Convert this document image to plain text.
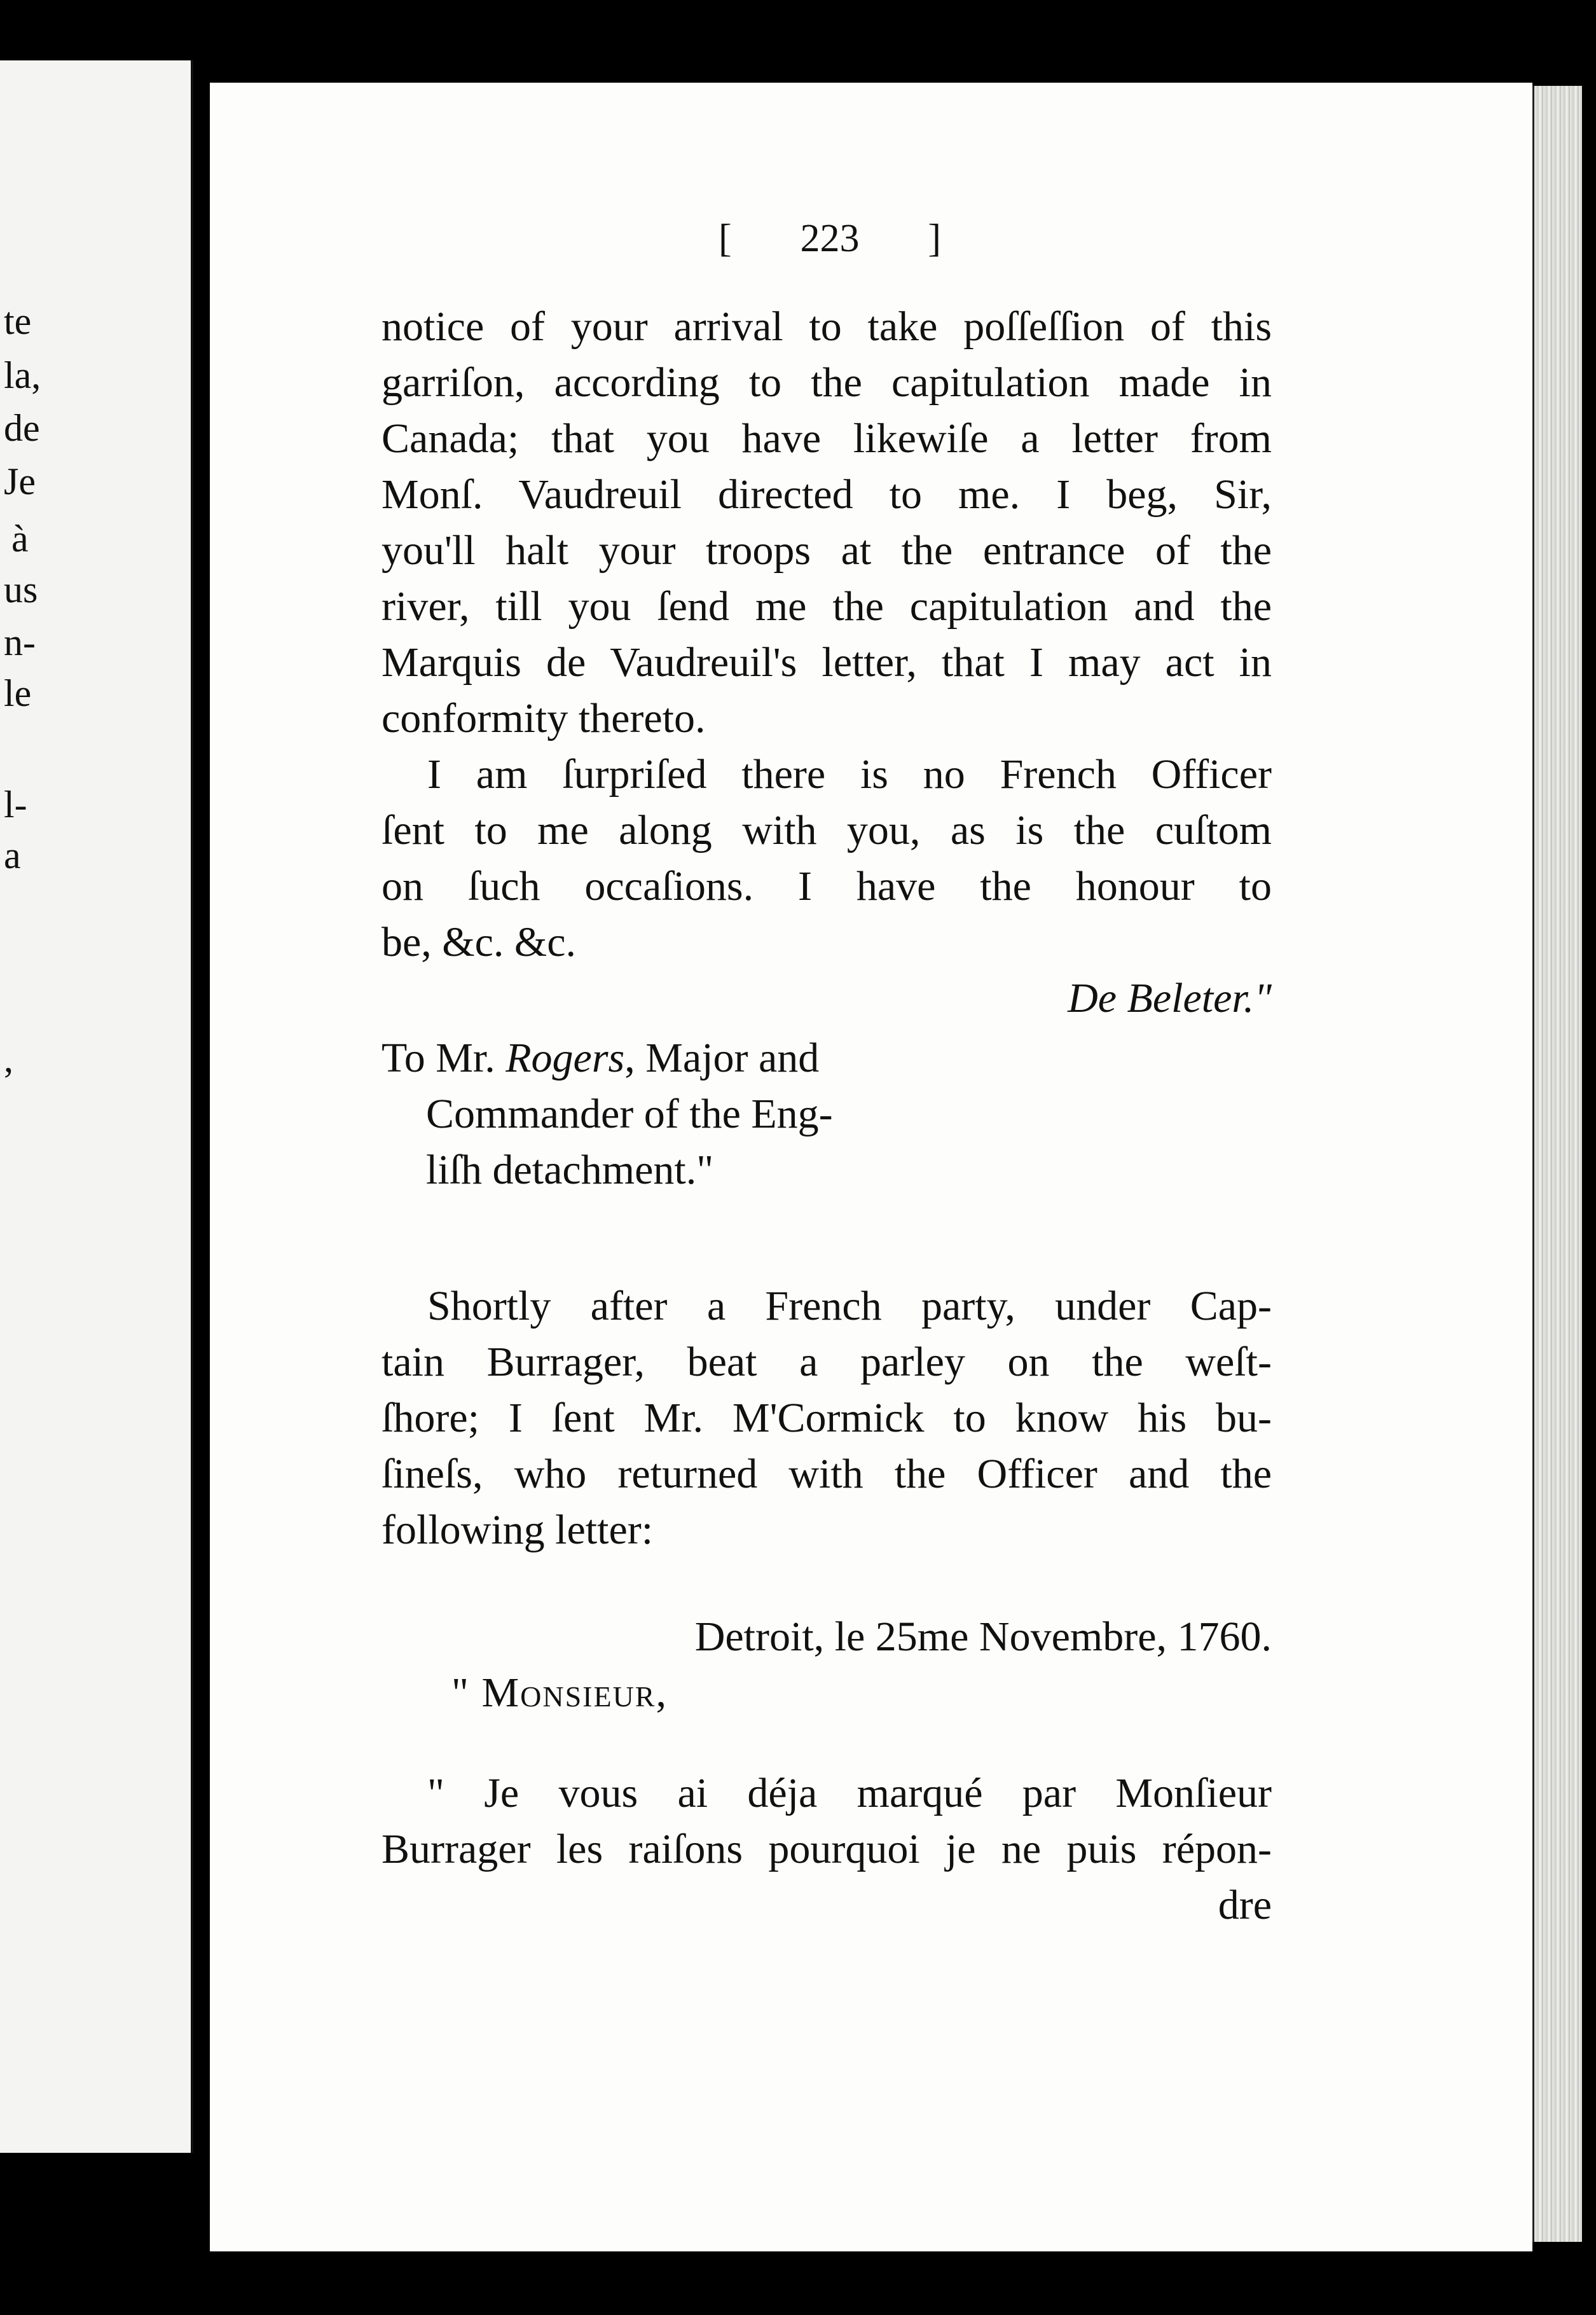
te
la,
de
Je
à
us
n-
le
l-
a
,
[ 223 ]

notice of your arrival to take poſſeſſion of this

garriſon, according to the capitulation made in

Canada; that you have likewiſe a letter from

Monſ. Vaudreuil directed to me. I beg, Sir,

you'll halt your troops at the entrance of the

river, till you ſend me the capitulation and the

Marquis de Vaudreuil's letter, that I may act in

conformity thereto.

I am ſurpriſed there is no French Officer

ſent to me along with you, as is the cuſtom

on ſuch occaſions. I have the honour to

be, &c. &c.

De Beleter."

To Mr. Rogers, Major and
Commander of the Eng-
liſh detachment."

Shortly after a French party, under Cap-

tain Burrager, beat a parley on the weſt-

ſhore; I ſent Mr. M'Cormick to know his bu-

ſineſs, who returned with the Officer and the

following letter:

Detroit, le 25me Novembre, 1760.

" Monsieur,

" Je vous ai déja marqué par Monſieur

Burrager les raiſons pourquoi je ne puis répon-

dre
